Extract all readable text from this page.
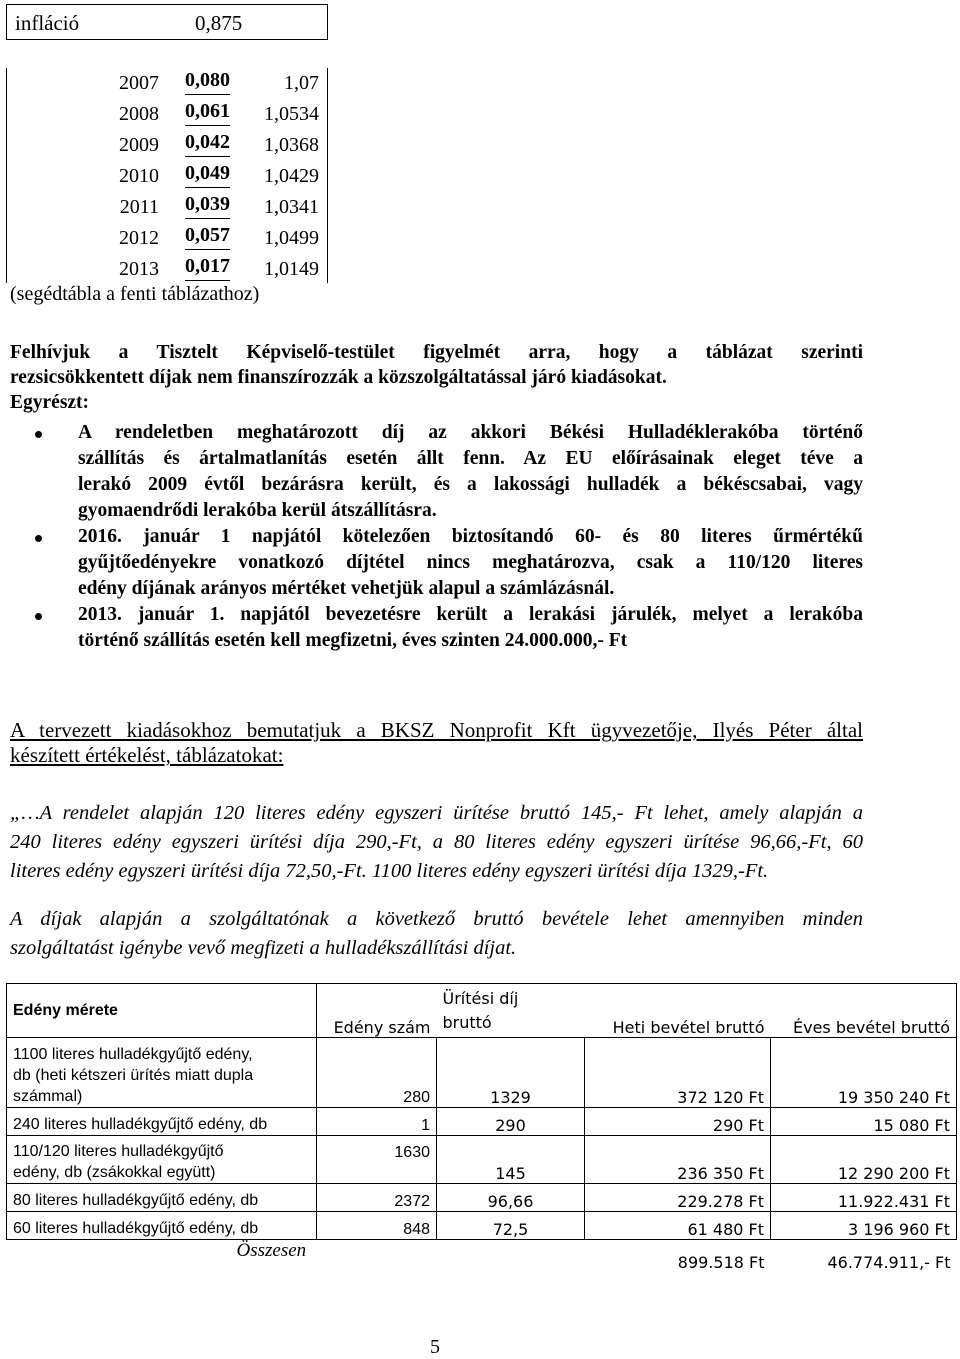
infláció	0,875
2007 0,080	1,07
2008 0,061 1,0534
2009 0,042 1,0368
2010 0,049 1,0429
2011 0,039 1,0341
2012 0,057 1,0499
2013 0,017 1,0149
(segédtábla a fenti táblázathoz)
Felhívjuk a Tisztelt Képviselő-testület figyelmét arra, hogy a táblázat szerinti
rezsicsökkentett díjak nem finanszírozzák a közszolgáltatással járó kiadásokat.
Egyrészt:
A rendeletben meghatározott díj az akkori Békési Hulladéklerakóba történő
szállítás és ártalmatlanítás esetén állt fenn. Az EU előírásainak eleget téve a
lerakó 2009 évtől bezárásra került, és a lakossági hulladék a békéscsabai, vagy
gyomaendrődi lerakóba kerül átszállításra.
2016. január 1 napjától kötelezően biztosítandó 60- és 80 literes űrmértékű
gyűjtőedényekre vonatkozó díjtétel nincs meghatározva, csak a 110/120 literes
edény díjának arányos mértéket vehetjük alapul a számlázásnál.
2013. január 1. napjától bevezetésre került a lerakási járulék, melyet a lerakóba
történő szállítás esetén kell megfizetni, éves szinten 24.000.000,- Ft
A tervezett kiadásokhoz bemutatjuk a BKSZ Nonprofit Kft ügyvezetője, Ilyés Péter által
készített értékelést, táblázatokat:
„…A rendelet alapján 120 literes edény egyszeri ürítése bruttó 145,- Ft lehet, amely alapján a
240 literes edény egyszeri ürítési díja 290,-Ft, a 80 literes edény egyszeri ürítése 96,66,-Ft, 60
literes edény egyszeri ürítési díja 72,50,-Ft. 1100 literes edény egyszeri ürítési díja 1329,-Ft.
A díjak alapján a szolgáltatónak a következő bruttó bevétele lehet amennyiben minden
szolgáltatást igénybe vevő megfizeti a hulladékszállítási díjat.
Edény mérete	Edény szám	Ürítési díj
bruttó	Heti bevétel bruttó	Éves bevétel bruttó
1100 literes hulladékgyűjtő edény,
db (heti kétszeri ürítés miatt dupla
számmal)	280	1329	372 120 Ft	19 350 240 Ft
240 literes hulladékgyűjtő edény, db	1	290	290 Ft	15 080 Ft
110/120 literes hulladékgyűjtő
edény, db (zsákokkal együtt)	1630	145	236 350 Ft	12 290 200 Ft
80 literes hulladékgyűjtő edény, db	2372	96,66	229.278 Ft	11.922.431 Ft
60 literes hulladékgyűjtő edény, db	848	72,5	61 480 Ft	3 196 960 Ft
Összesen			899.518 Ft	46.774.911,- Ft
5
